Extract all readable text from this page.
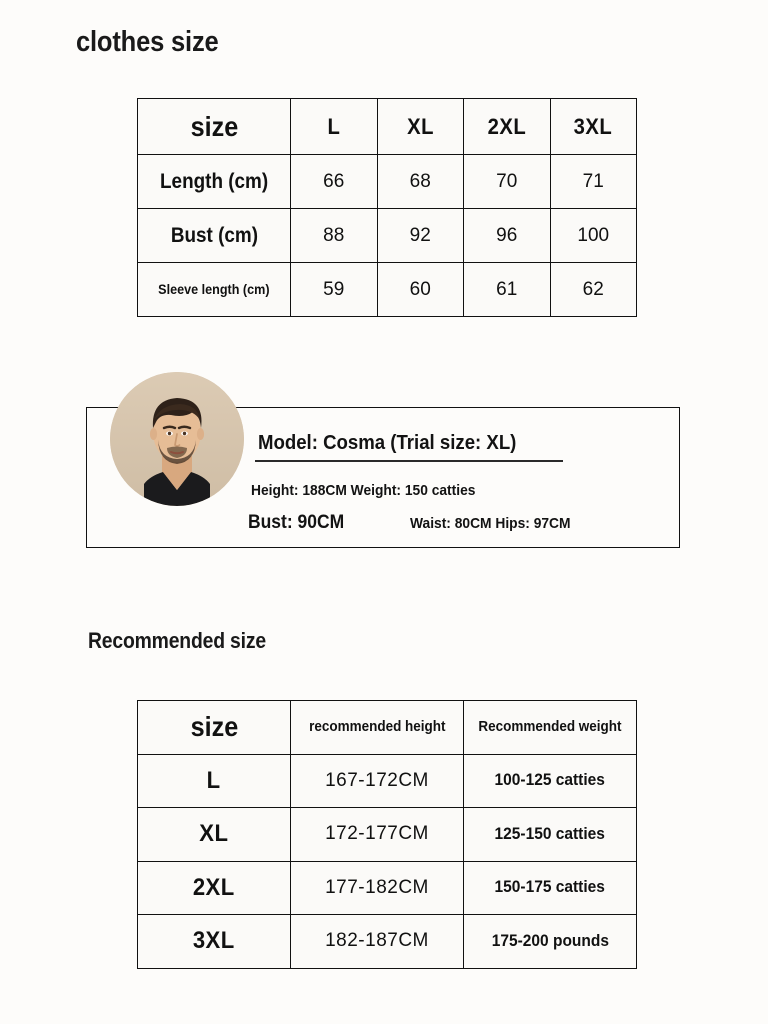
clothes size
size	L	XL	2XL	3XL
Length (cm)	66	68	70	71
Bust (cm)	88	92	96	100
Sleeve length (cm)	59	60	61	62
Model: Cosma (Trial size: XL)
Height: 188CM Weight: 150 catties
Bust: 90CM	Waist: 80CM Hips: 97CM
Recommended size
size	recommended height	Recommended weight
L	167-172CM	100-125 catties
XL	172-177CM	125-150 catties
2XL	177-182CM	150-175 catties
3XL	182-187CM	175-200 pounds
